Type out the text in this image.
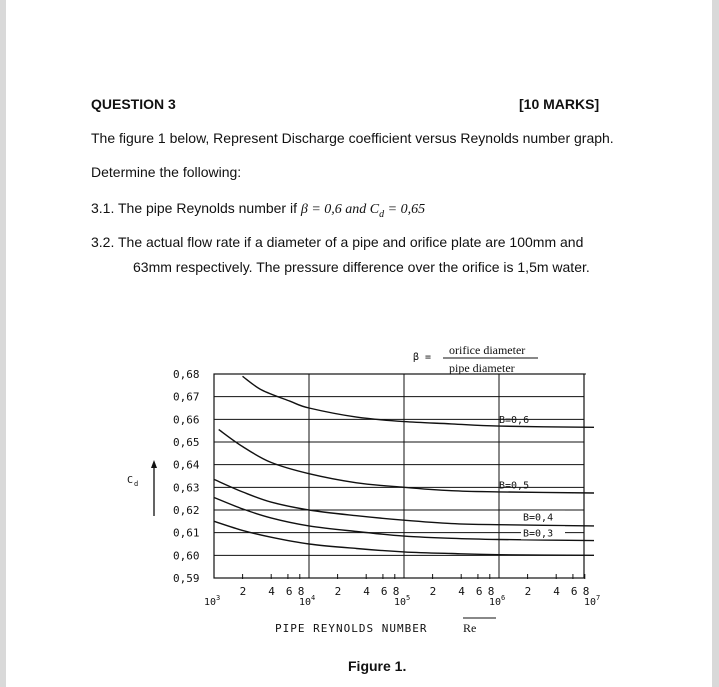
QUESTION 3	[10 MARKS]
The figure 1 below, Represent Discharge coefficient versus Reynolds number graph.
Determine the following:
3.1. The pipe Reynolds number if β = 0,6 and $C_d = 0,65$
3.2. The actual flow rate if a diameter of a pipe and orifice plate are 100mm and
63mm respectively. The pressure difference over the orifice is 1,5m water.
β =
orifice diameter
pipe diameter
C d
0,68
0,67
0,66
0,65
0,64
0,63
0,62
0,61
0,60
0,59
2 4 6 8	2 4 6 8	2 4 6 8	2 4 6 8
10 3	10 4	10 5	10 6	10 7
B=0,6
B=0,5
B=0,4
B=0,3
PIPE REYNOLDS NUMBER	Re
Figure 1.
